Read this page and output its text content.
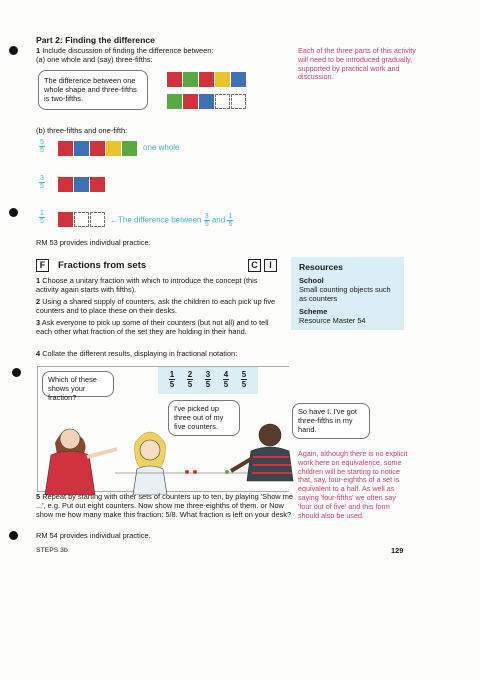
Part 2: Finding the difference
1 Include discussion of finding the difference between:
(a) one whole and (say) three-fifths:
Each of the three parts of this activity will need to be introduced gradually, supported by practical work and discussion.
The difference between one whole shape and three-fifths is two-fifths.
(b) three-fifths and one-fifth:
$\frac{5}{5}$	one whole
$\frac{3}{5}$
$\frac{1}{5}$	←The difference between $\frac{3}{5}$ and $\frac{1}{5}$
RM 53 provides individual practice.
F	Fractions from sets	C	I
1 Choose a unitary fraction with which to introduce the concept (this activity again starts with fifths).
2 Using a shared supply of counters, ask the children to each pick up five counters and to place these on their desks.
3 Ask everyone to pick up some of their counters (but not all) and to tell each other what fraction of the set they are holding in their hand.
4 Collate the different results, displaying in fractional notation:
Resources
School
Small counting objects such as counters
Scheme
Resource Master 54
$\frac{1}{5} \frac{2}{5} \frac{3}{5} \frac{4}{5} \frac{5}{5}$
Which of these shows your fraction?
I've picked up three out of my five counters.
So have I. I've got three-fifths in my hand.
Again, although there is no explicit work here on equivalence, some children will be starting to notice that, say, four-eighths of a set is equivalent to a half. As well as saying 'four-fifths' we often say 'four out of five' and this form should also be used.
5 Repeat by starting with other sets of counters up to ten, by playing 'Show me ...', e.g. Put out eight counters. Now show me three-eighths of them. or Now show me how many make this fraction: 5/8. What fraction is left on your desk?
RM 54 provides individual practice.
STEPS 3b	129
